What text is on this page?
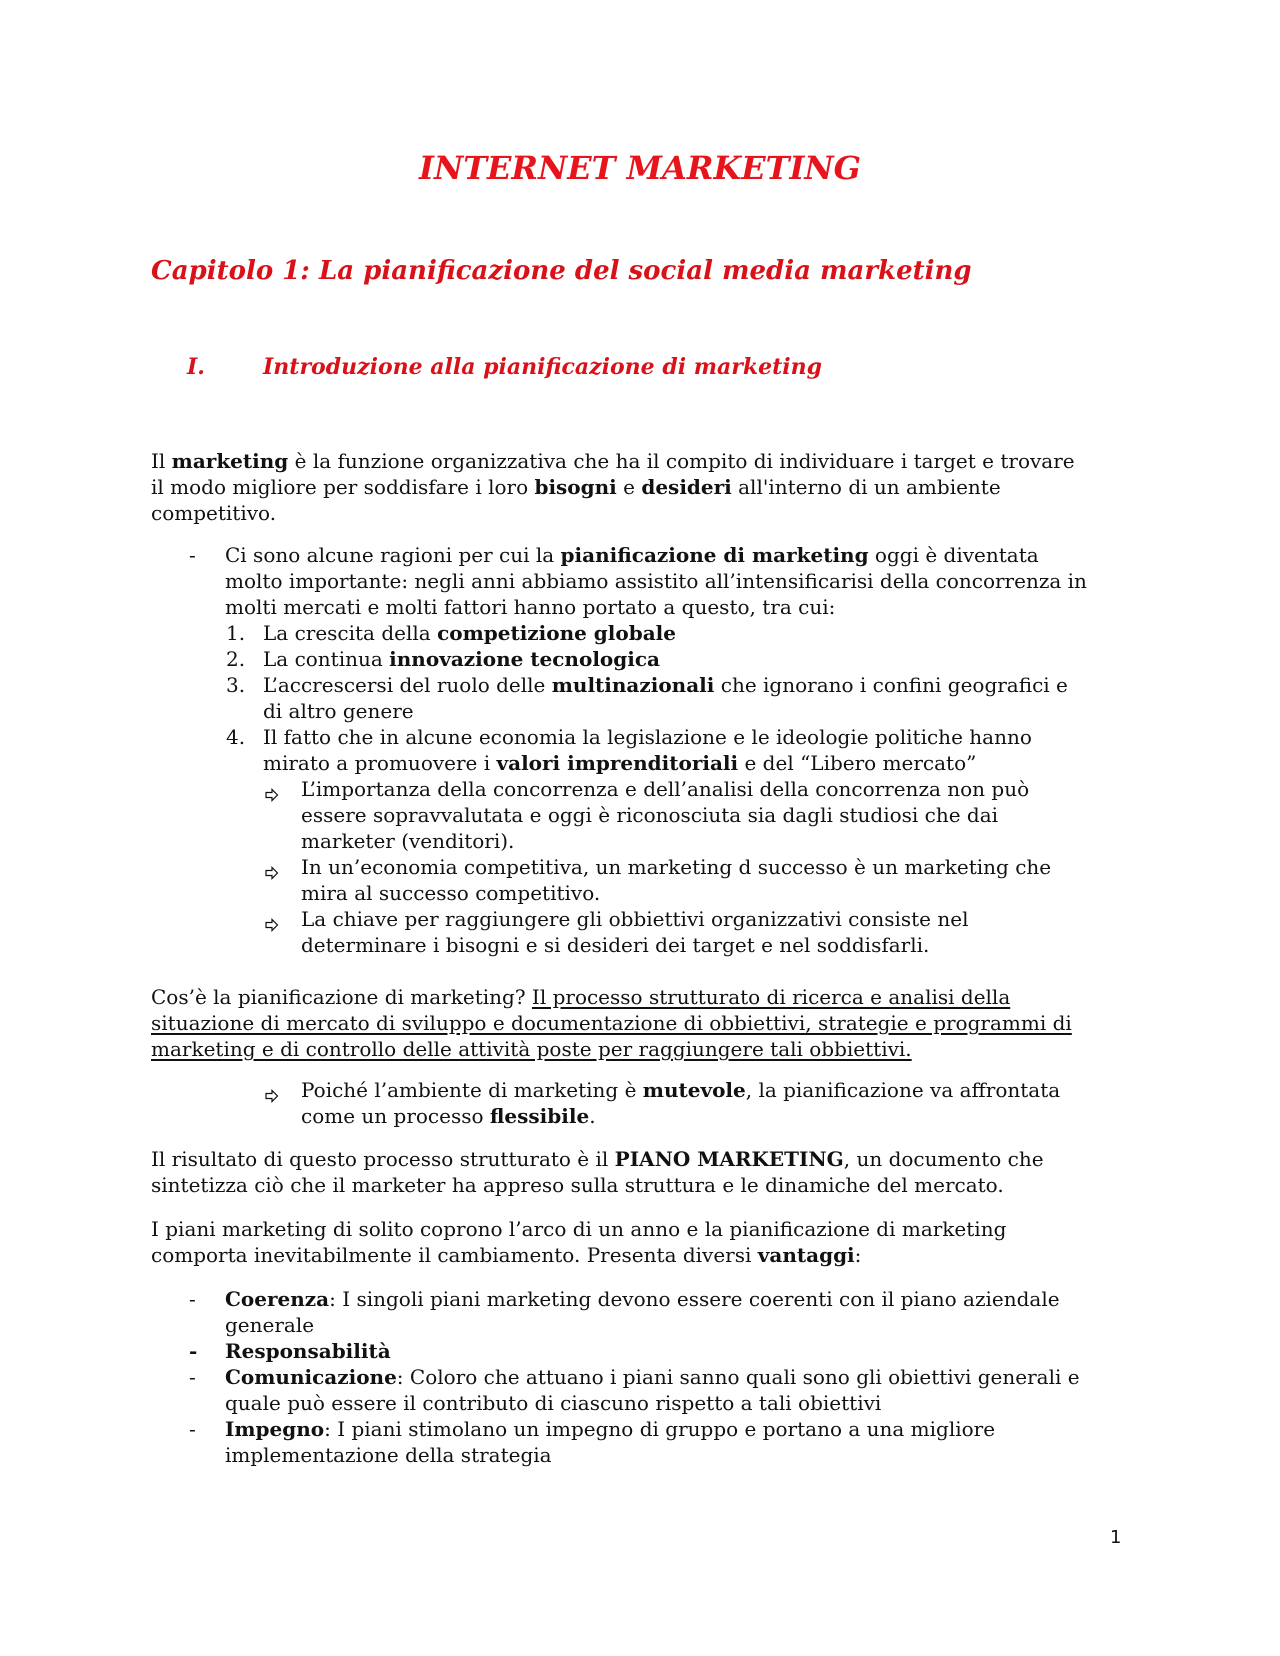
INTERNET MARKETING
Capitolo 1: La pianificazione del social media marketing
I.	Introduzione alla pianificazione di marketing
Il marketing è la funzione organizzativa che ha il compito di individuare i target e trovare
il modo migliore per soddisfare i loro bisogni e desideri all'interno di un ambiente
competitivo.
- Ci sono alcune ragioni per cui la pianificazione di marketing oggi è diventata
molto importante: negli anni abbiamo assistito all’intensificarisi della concorrenza in
molti mercati e molti fattori hanno portato a questo, tra cui:
1. La crescita della competizione globale
2. La continua innovazione tecnologica
3. L’accrescersi del ruolo delle multinazionali che ignorano i confini geografici e
di altro genere
4. Il fatto che in alcune economia la legislazione e le ideologie politiche hanno
mirato a promuovere i valori imprenditoriali e del “Libero mercato”
L’importanza della concorrenza e dell’analisi della concorrenza non può
essere sopravvalutata e oggi è riconosciuta sia dagli studiosi che dai
marketer (venditori).
In un’economia competitiva, un marketing d successo è un marketing che
mira al successo competitivo.
La chiave per raggiungere gli obbiettivi organizzativi consiste nel
determinare i bisogni e si desideri dei target e nel soddisfarli.
Cos’è la pianificazione di marketing? Il processo strutturato di ricerca e analisi della
situazione di mercato di sviluppo e documentazione di obbiettivi, strategie e programmi di
marketing e di controllo delle attività poste per raggiungere tali obbiettivi.
Poiché l’ambiente di marketing è mutevole, la pianificazione va affrontata
come un processo flessibile.
Il risultato di questo processo strutturato è il PIANO MARKETING, un documento che
sintetizza ciò che il marketer ha appreso sulla struttura e le dinamiche del mercato.
I piani marketing di solito coprono l’arco di un anno e la pianificazione di marketing
comporta inevitabilmente il cambiamento. Presenta diversi vantaggi:
- Coerenza: I singoli piani marketing devono essere coerenti con il piano aziendale
generale
- Responsabilità
- Comunicazione: Coloro che attuano i piani sanno quali sono gli obiettivi generali e
quale può essere il contributo di ciascuno rispetto a tali obiettivi
- Impegno: I piani stimolano un impegno di gruppo e portano a una migliore
implementazione della strategia
1
